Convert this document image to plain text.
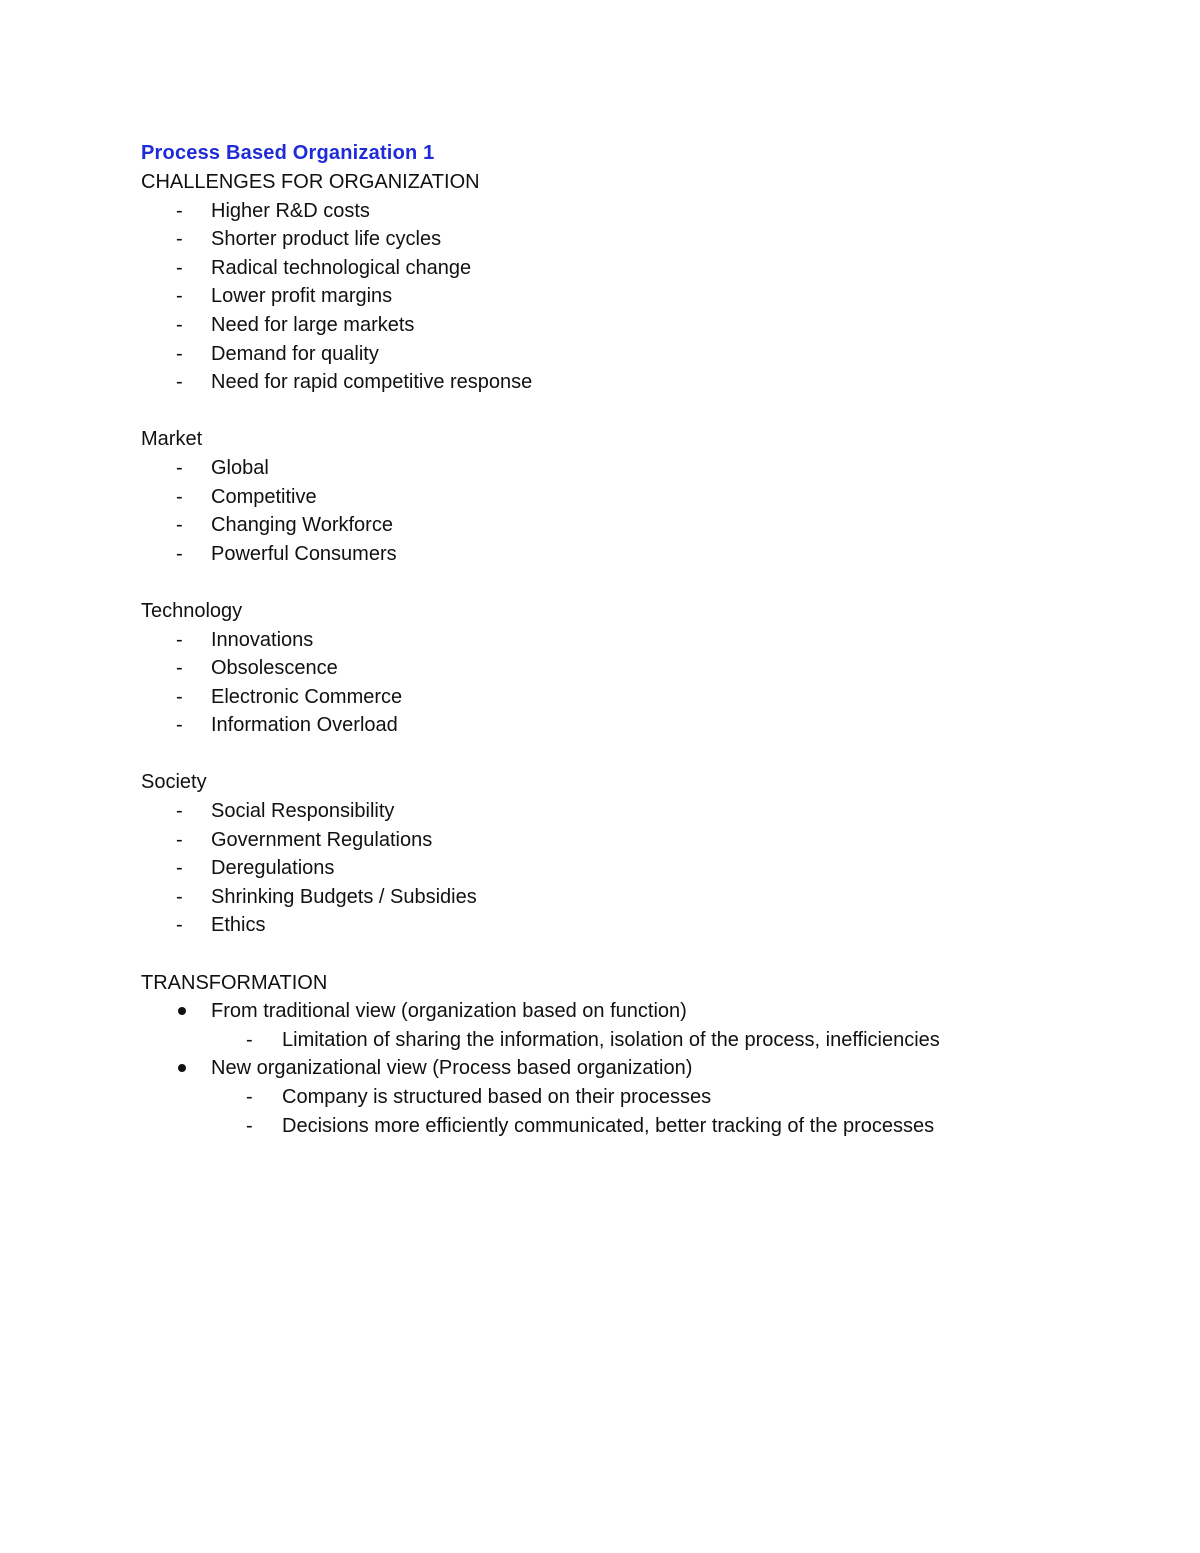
Process Based Organization 1
CHALLENGES FOR ORGANIZATION
- Higher R&D costs
- Shorter product life cycles
- Radical technological change
- Lower profit margins
- Need for large markets
- Demand for quality
- Need for rapid competitive response
Market
- Global
- Competitive
- Changing Workforce
- Powerful Consumers
Technology
- Innovations
- Obsolescence
- Electronic Commerce
- Information Overload
Society
- Social Responsibility
- Government Regulations
- Deregulations
- Shrinking Budgets / Subsidies
- Ethics
TRANSFORMATION
From traditional view (organization based on function)
- Limitation of sharing the information, isolation of the process, inefficiencies
New organizational view (Process based organization)
- Company is structured based on their processes
- Decisions more efficiently communicated, better tracking of the processes
